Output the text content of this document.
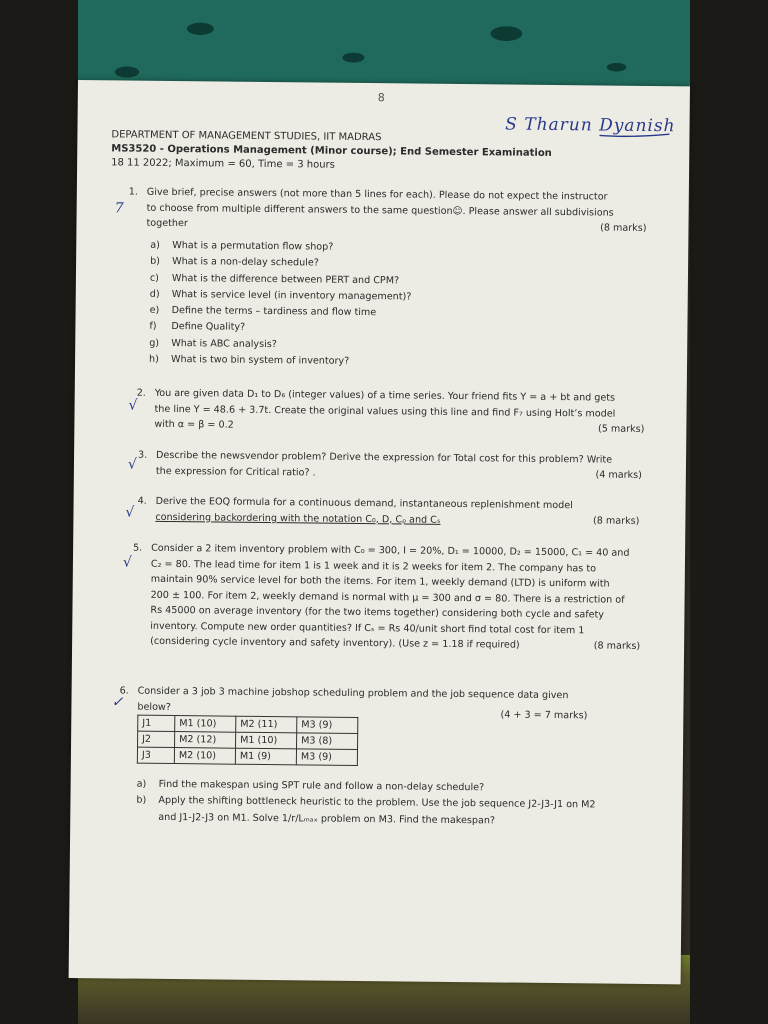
8
S Tharun Dyanish
DEPARTMENT OF MANAGEMENT STUDIES, IIT MADRAS
MS3520 - Operations Management (Minor course); End Semester Examination
18 11 2022; Maximum = 60, Time = 3 hours
7
1. Give brief, precise answers (not more than 5 lines for each). Please do not expect the instructor
to choose from multiple different answers to the same question☺. Please answer all subdivisions
together	(8 marks)
a) What is a permutation flow shop?
b) What is a non-delay schedule?
c) What is the difference between PERT and CPM?
d) What is service level (in inventory management)?
e) Define the terms – tardiness and flow time
f) Define Quality?
g) What is ABC analysis?
h) What is two bin system of inventory?
√
2. You are given data D₁ to D₆ (integer values) of a time series. Your friend fits Y = a + bt and gets
the line Y = 48.6 + 3.7t. Create the original values using this line and find F₇ using Holt’s model
with α = β = 0.2	(5 marks)
√
3. Describe the newsvendor problem? Derive the expression for Total cost for this problem? Write
the expression for Critical ratio? .	(4 marks)
√
4. Derive the EOQ formula for a continuous demand, instantaneous replenishment model
considering backordering with the notation C₀, D, Cᵨ and Cₛ	(8 marks)
√
5. Consider a 2 item inventory problem with C₀ = 300, I = 20%, D₁ = 10000, D₂ = 15000, C₁ = 40 and
C₂ = 80. The lead time for item 1 is 1 week and it is 2 weeks for item 2. The company has to
maintain 90% service level for both the items. For item 1, weekly demand (LTD) is uniform with
200 ± 100. For item 2, weekly demand is normal with μ = 300 and σ = 80. There is a restriction of
Rs 45000 on average inventory (for the two items together) considering both cycle and safety
inventory. Compute new order quantities? If Cₛ = Rs 40/unit short find total cost for item 1
(considering cycle inventory and safety inventory). (Use z = 1.18 if required)	(8 marks)
✓
6. Consider a 3 job 3 machine jobshop scheduling problem and the job sequence data given
below?
(4 + 3 = 7 marks)
J1	M1 (10)	M2 (11)	M3 (9)
J2	M2 (12)	M1 (10)	M3 (8)
J3	M2 (10)	M1 (9)	M3 (9)
a) Find the makespan using SPT rule and follow a non-delay schedule?
b) Apply the shifting bottleneck heuristic to the problem. Use the job sequence J2-J3-J1 on M2
and J1-J2-J3 on M1. Solve 1/r/Lₘₐₓ problem on M3. Find the makespan?
